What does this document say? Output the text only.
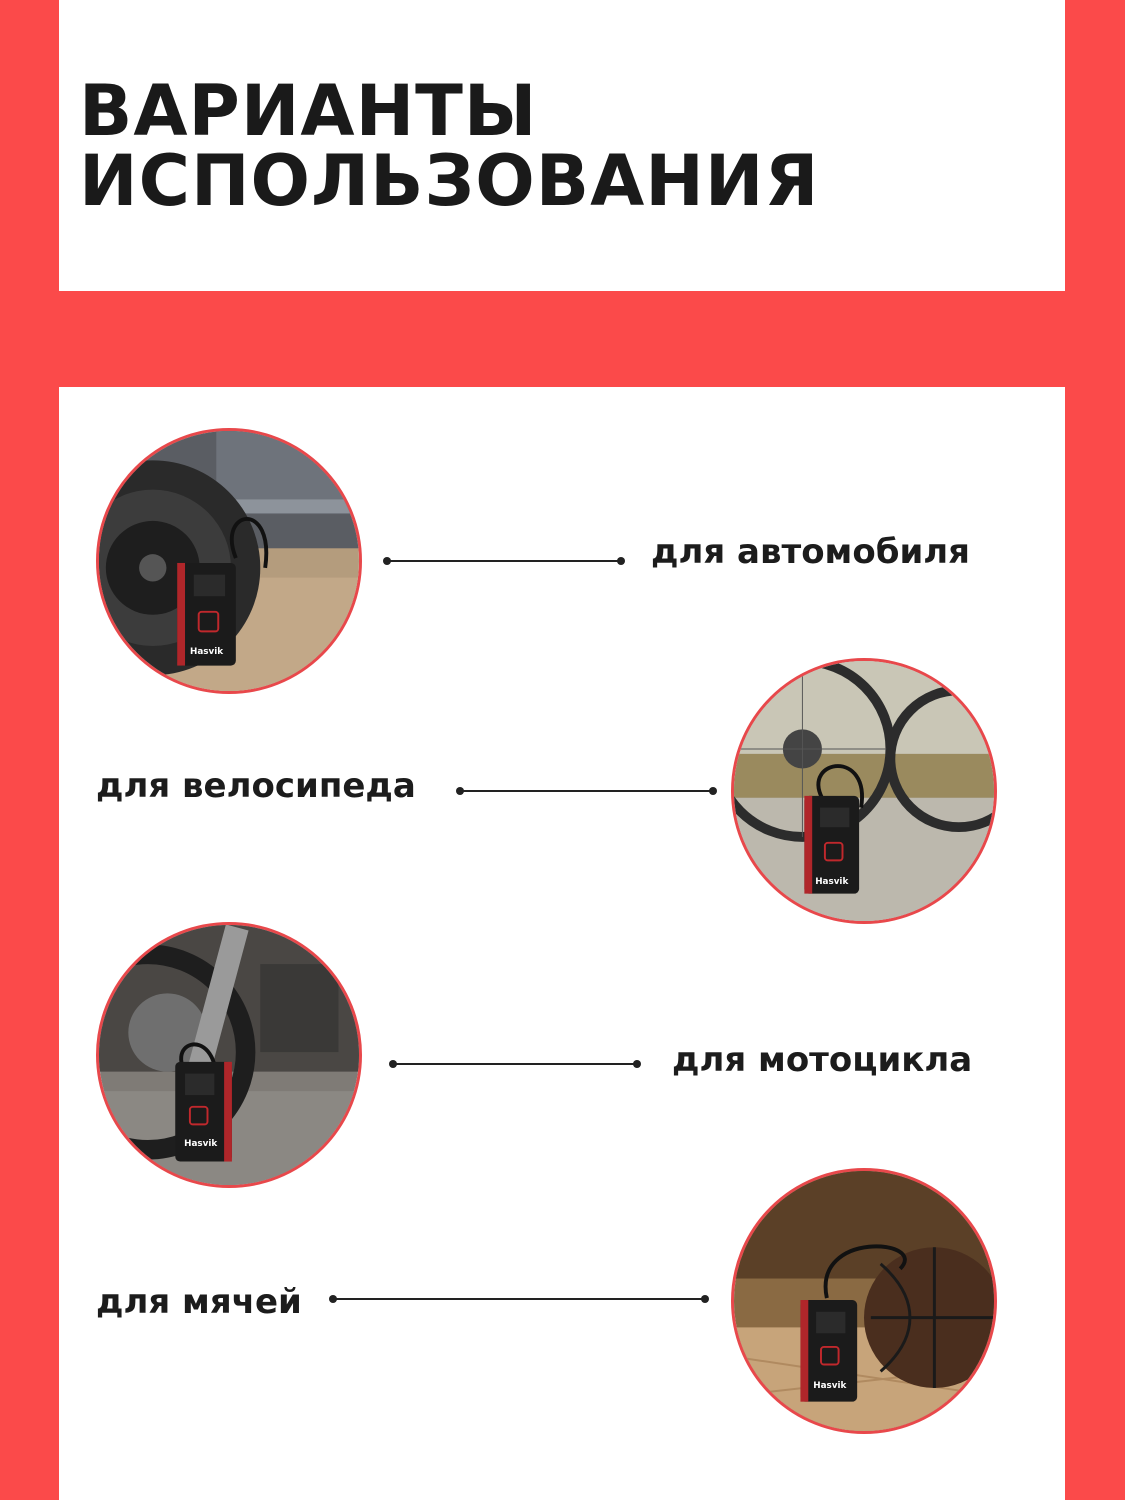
ВАРИАНТЫ
ИСПОЛЬЗОВАНИЯ
Hasvik
для автомобиля
Hasvik
для велосипеда
Hasvik
для мотоцикла
Hasvik
для мячей
